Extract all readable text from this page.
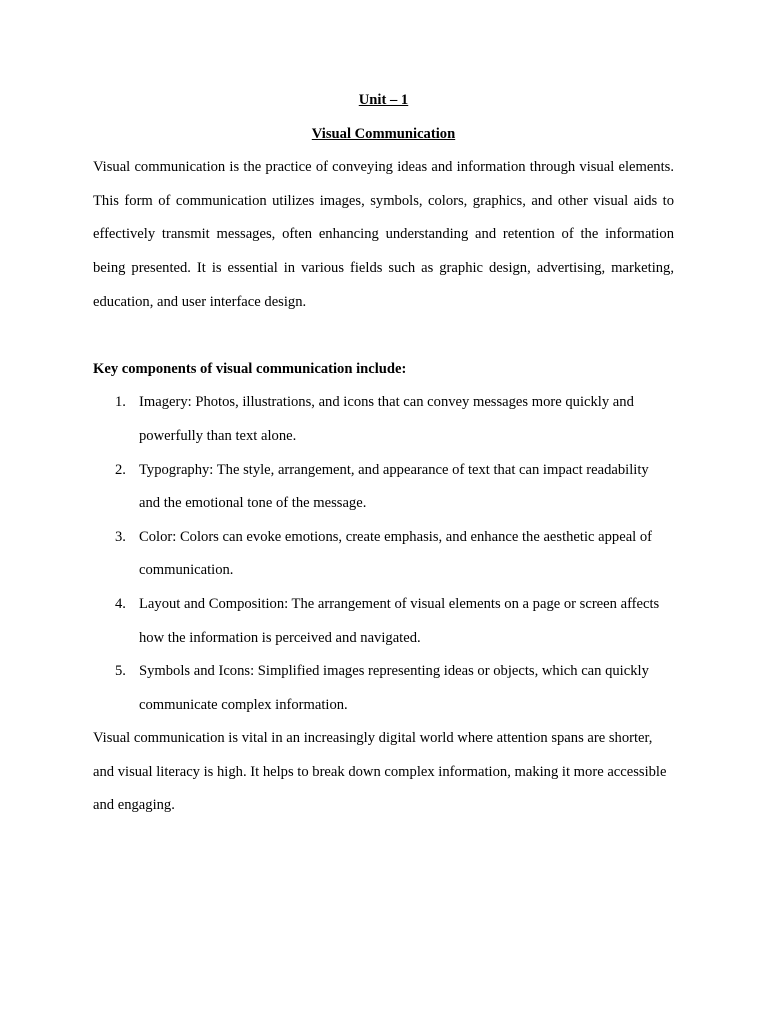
Unit – 1

Visual Communication

Visual communication is the practice of conveying ideas and information through visual elements. This form of communication utilizes images, symbols, colors, graphics, and other visual aids to effectively transmit messages, often enhancing understanding and retention of the information being presented. It is essential in various fields such as graphic design, advertising, marketing, education, and user interface design.

Key components of visual communication include:

1. Imagery: Photos, illustrations, and icons that can convey messages more quickly and powerfully than text alone.
2. Typography: The style, arrangement, and appearance of text that can impact readability and the emotional tone of the message.
3. Color: Colors can evoke emotions, create emphasis, and enhance the aesthetic appeal of communication.
4. Layout and Composition: The arrangement of visual elements on a page or screen affects how the information is perceived and navigated.
5. Symbols and Icons: Simplified images representing ideas or objects, which can quickly communicate complex information.

Visual communication is vital in an increasingly digital world where attention spans are shorter, and visual literacy is high. It helps to break down complex information, making it more accessible and engaging.
